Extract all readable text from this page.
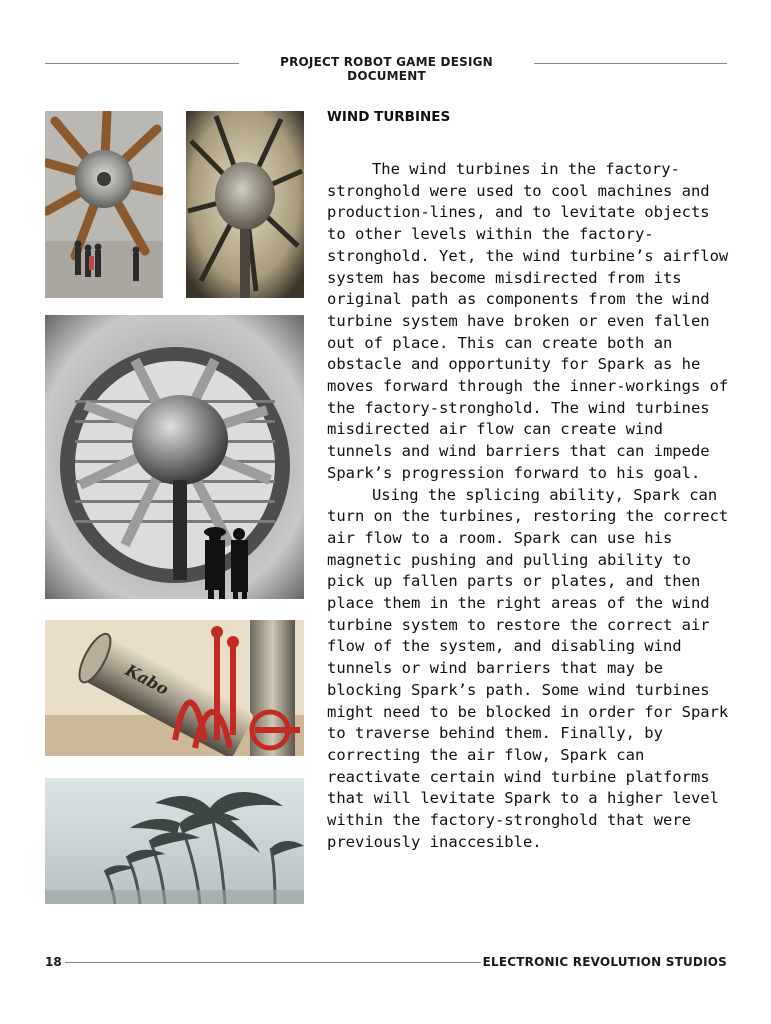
PROJECT ROBOT GAME DESIGN DOCUMENT
Kabo
WIND TURBINES

The wind turbines in the factory-stronghold were used to cool machines and production-lines, and to levitate objects to other levels within the factory-stronghold. Yet, the wind turbine’s airflow system has become misdirected from its original path as components from the wind turbine system have broken or even fallen out of place. This can create both an obstacle and opportunity for Spark as he moves forward through the inner-workings of the factory-stronghold. The wind turbines misdirected air flow can create wind tunnels and wind barriers that can impede Spark’s progression forward to his goal.

Using the splicing ability, Spark can turn on the turbines, restoring the correct air flow to a room. Spark can use his magnetic pushing and pulling ability to pick up fallen parts or plates, and then place them in the right areas of the wind turbine system to restore the correct air flow of the system, and disabling wind tunnels or wind barriers that may be blocking Spark’s path. Some wind turbines might need to be blocked in order for Spark to traverse behind them. Finally, by correcting the air flow, Spark can reactivate certain wind turbine platforms that will levitate Spark to a higher level within the factory-stronghold that were previously inaccesible.

18	ELECTRONIC REVOLUTION STUDIOS
